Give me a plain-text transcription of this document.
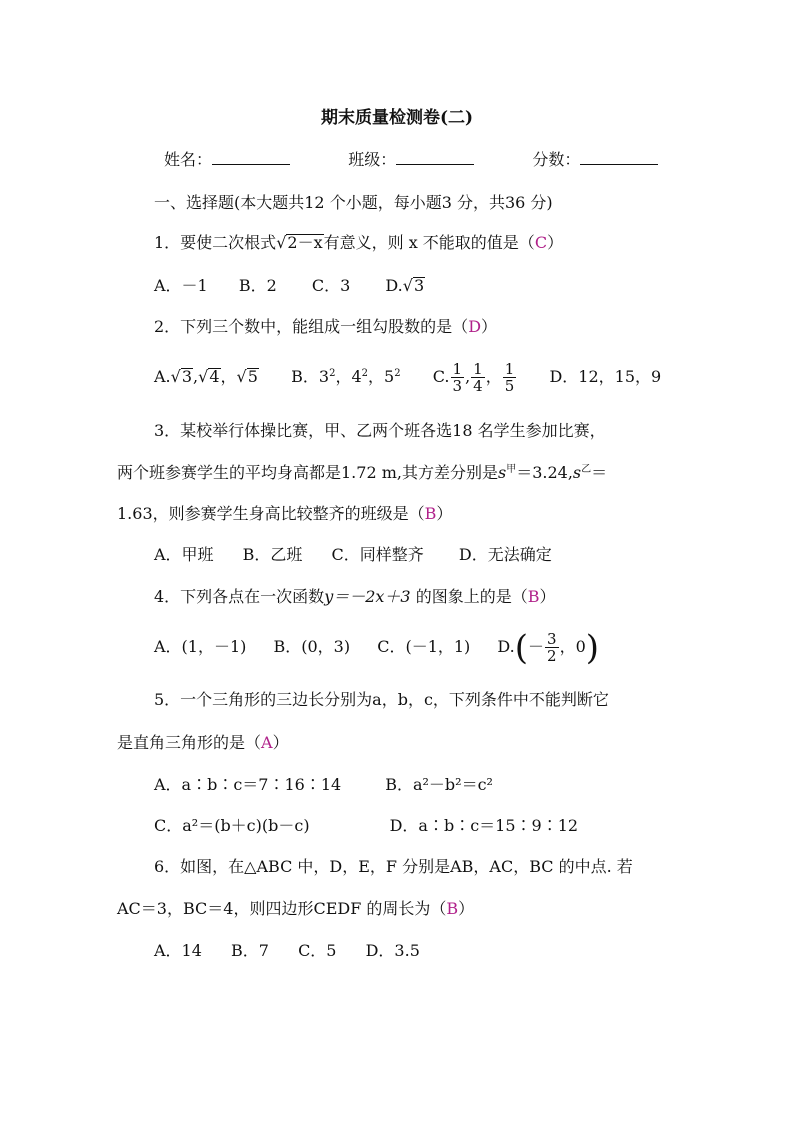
期末质量检测卷(二)
姓名：	班级：	分数：
一、选择题(本大题共12 个小题，每小题3 分，共36 分)
1．要使二次根式√2－x有意义，则 x 不能取的值是（C）
A．－1 B．2 C．3 D.√3
2．下列三个数中，能组成一组勾股数的是（D）
A.√3,√4，√5 B．$3^2$，$4^2$，$5^2$ C. $\frac{1}{3}$ , $\frac{1}{4}$ ， $\frac{1}{5}$ D．12，15，9
3．某校举行体操比赛，甲、乙两个班各选18 名学生参加比赛，
两个班参赛学生的平均身高都是1.72 m,其方差分别是$s^甲=3.24,s^乙=$
1.63，则参赛学生身高比较整齐的班级是（B）
A．甲班 B．乙班 C．同样整齐 D．无法确定
4．下列各点在一次函数y＝－2x＋3 的图象上的是（B）
A．(1，－1) B．(0，3) C．(－1，1) $D.(- \frac{3}{2}$ ，0)
5．一个三角形的三边长分别为a，b，c，下列条件中不能判断它
是直角三角形的是（A）
A．a∶b∶c＝7∶16∶14	B．a²－b²＝c²
C．a²＝(b＋c)(b－c)	D．a∶b∶c＝15∶9∶12
6．如图，在△ABC 中，D，E，F 分别是AB，AC，BC 的中点. 若
AC＝3，BC＝4，则四边形CEDF 的周长为（B）
A．14 B．7 C．5 D．3.5
